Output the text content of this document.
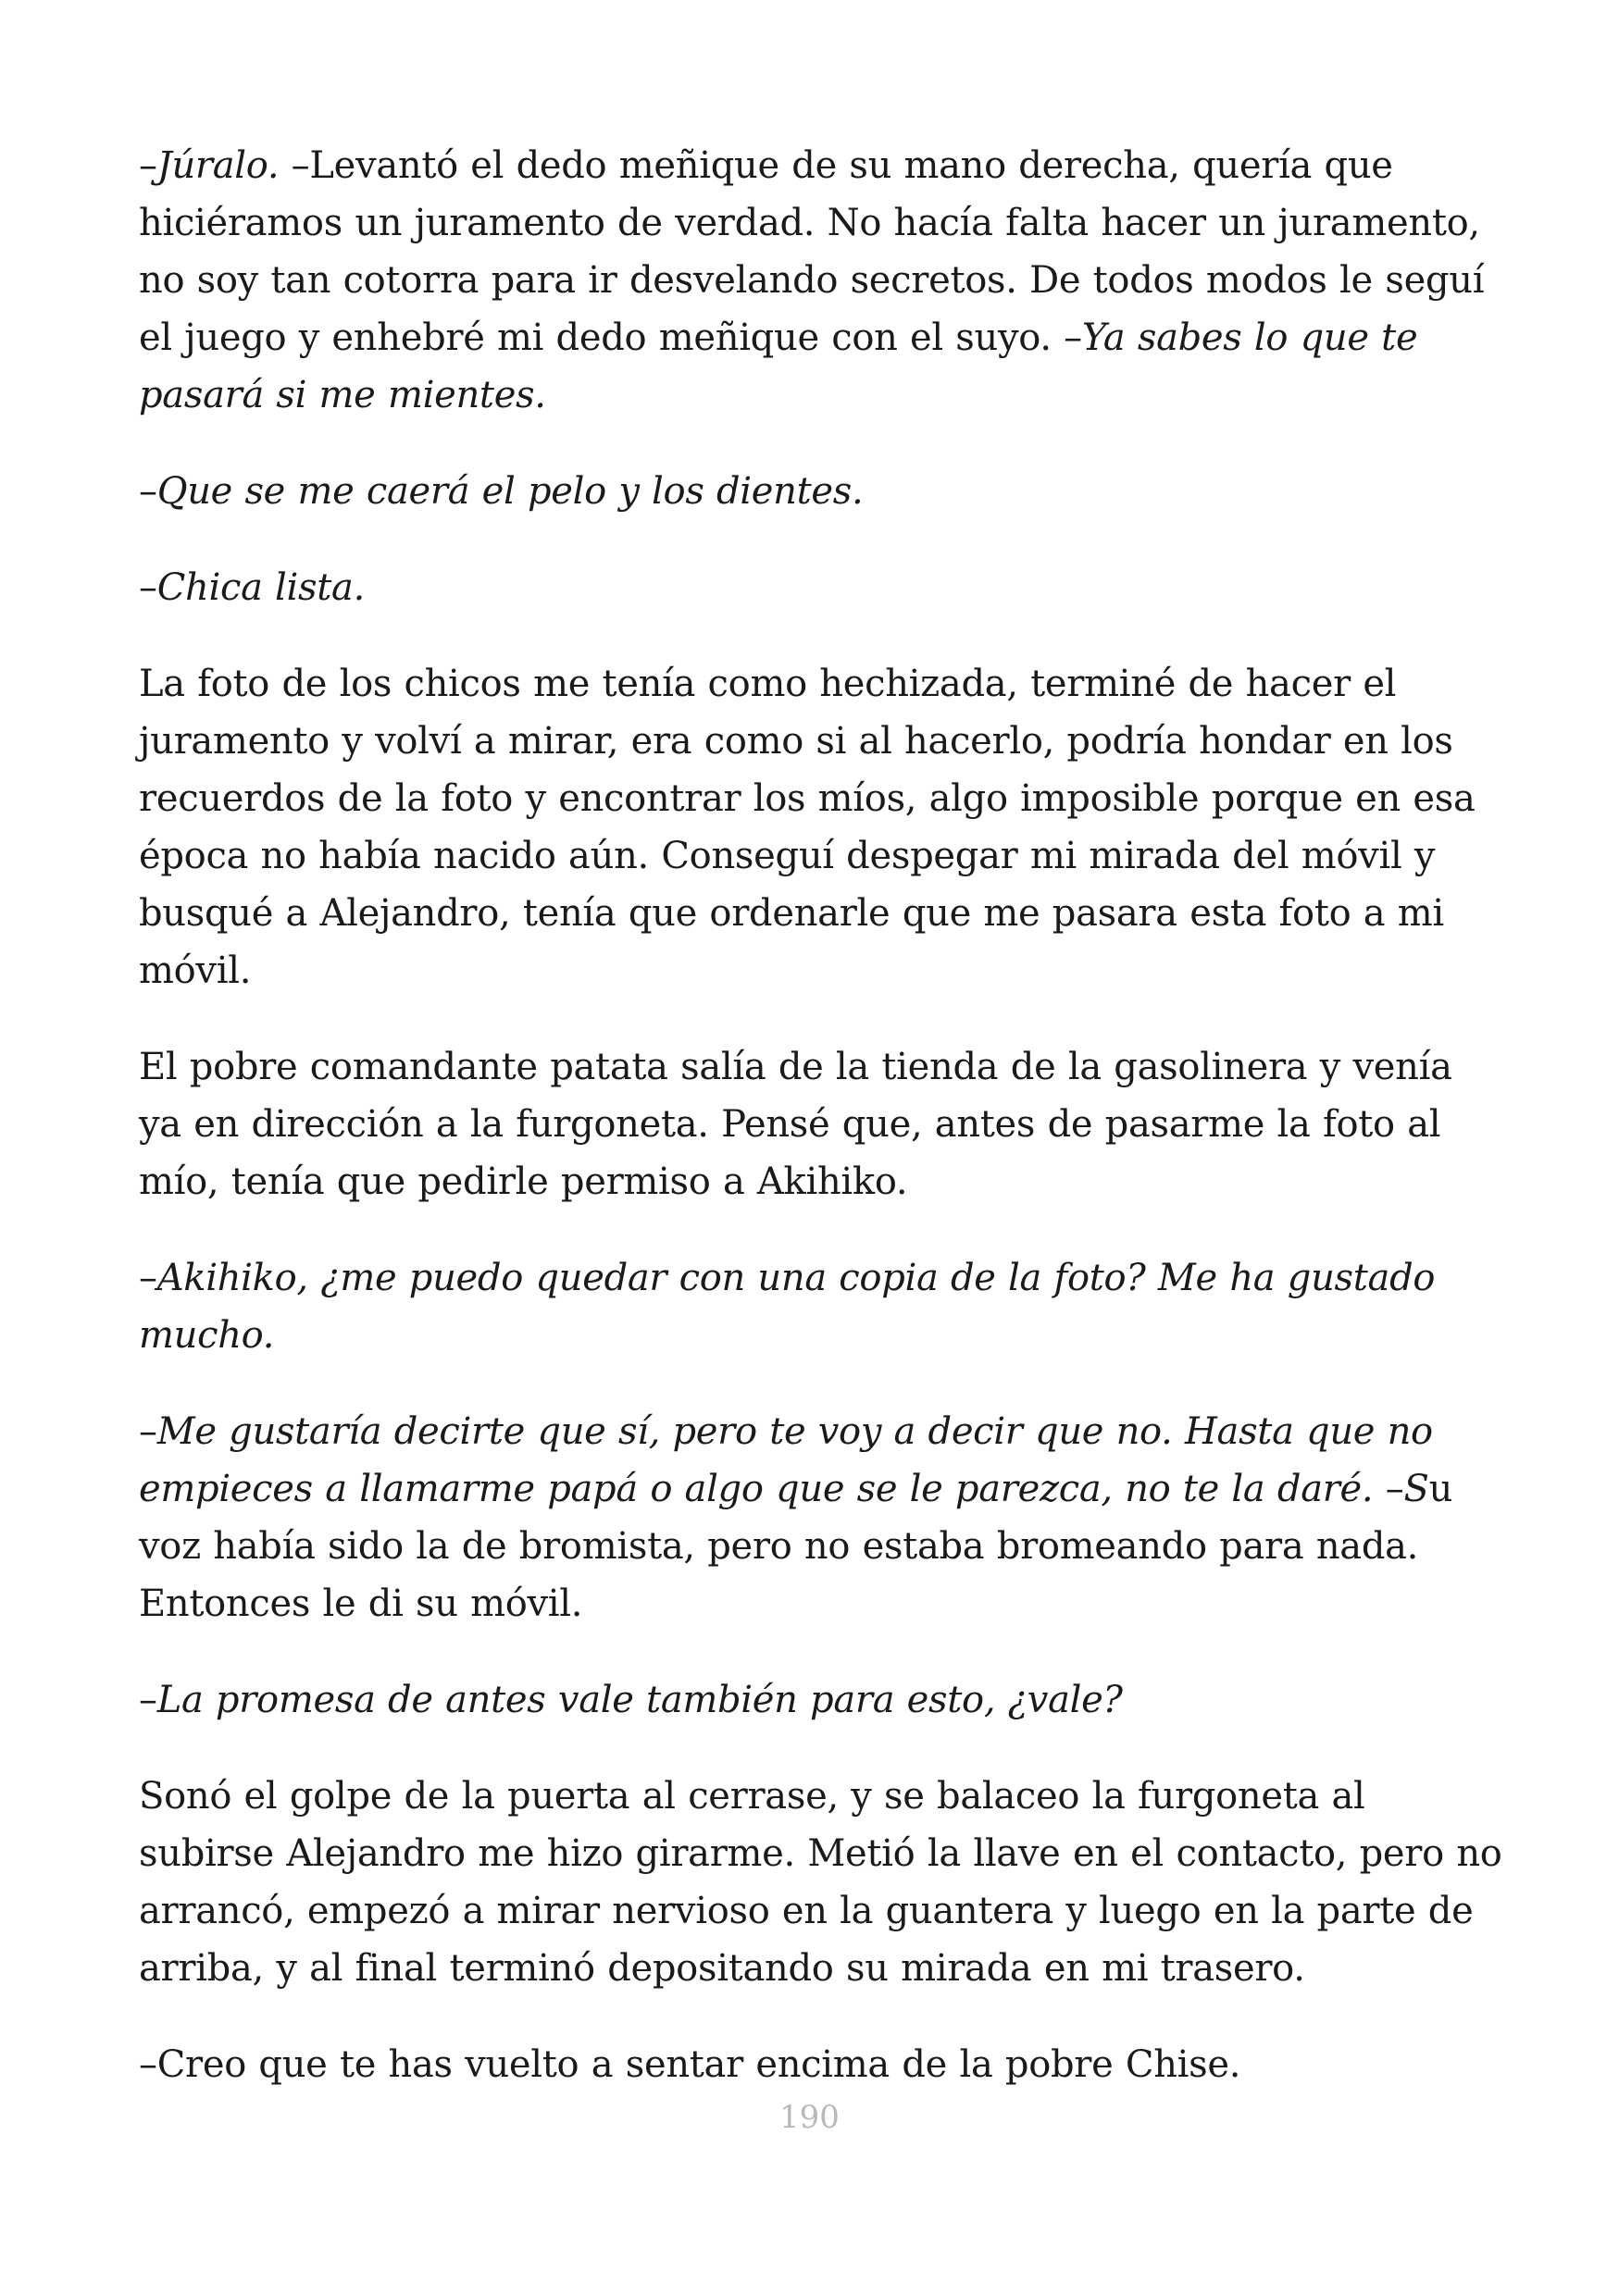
–Júralo. –Levantó el dedo meñique de su mano derecha, quería que hiciéramos un juramento de verdad. No hacía falta hacer un juramento, no soy tan cotorra para ir desvelando secretos. De todos modos le seguí el juego y enhebré mi dedo meñique con el suyo. –Ya sabes lo que te pasará si me mientes.

–Que se me caerá el pelo y los dientes.

–Chica lista.

La foto de los chicos me tenía como hechizada, terminé de hacer el juramento y volví a mirar, era como si al hacerlo, podría hondar en los recuerdos de la foto y encontrar los míos, algo imposible porque en esa época no había nacido aún. Conseguí despegar mi mirada del móvil y busqué a Alejandro, tenía que ordenarle que me pasara esta foto a mi móvil.

El pobre comandante patata salía de la tienda de la gasolinera y venía ya en dirección a la furgoneta. Pensé que, antes de pasarme la foto al mío, tenía que pedirle permiso a Akihiko.

–Akihiko, ¿me puedo quedar con una copia de la foto? Me ha gustado mucho.

–Me gustaría decirte que sí, pero te voy a decir que no. Hasta que no empieces a llamarme papá o algo que se le parezca, no te la daré. –Su voz había sido la de bromista, pero no estaba bromeando para nada. Entonces le di su móvil.

–La promesa de antes vale también para esto, ¿vale?

Sonó el golpe de la puerta al cerrase, y se balaceo la furgoneta al subirse Alejandro me hizo girarme. Metió la llave en el contacto, pero no arrancó, empezó a mirar nervioso en la guantera y luego en la parte de arriba, y al final terminó depositando su mirada en mi trasero.

–Creo que te has vuelto a sentar encima de la pobre Chise.

190
